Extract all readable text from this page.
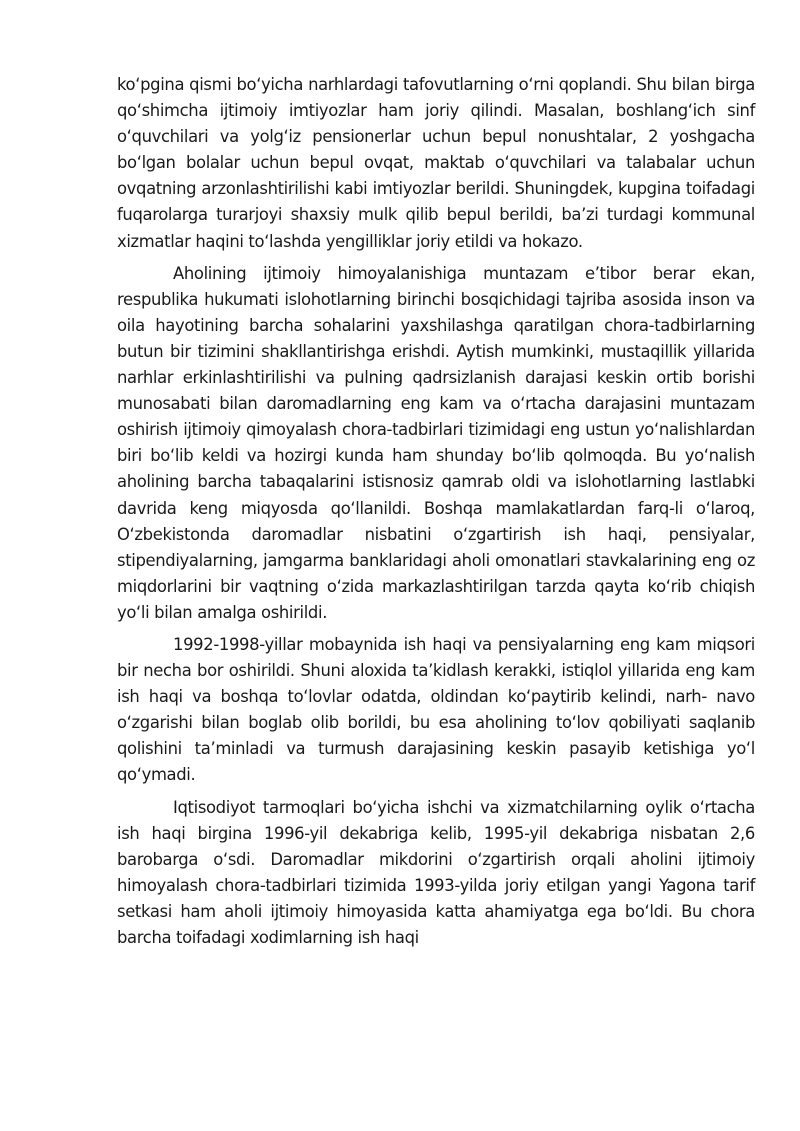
ko‘pgina qismi bo‘yicha narhlardagi tafovutlarning o‘rni qoplandi. Shu bilan birga qo‘shimcha ijtimoiy imtiyozlar ham joriy qilindi. Masalan, boshlang‘ich sinf o‘quvchilari va yolg‘iz pensionerlar uchun bepul nonushtalar, 2 yoshgacha bo‘lgan bolalar uchun bepul ovqat, maktab o‘quvchilari va talabalar uchun ovqatning arzonlashtirilishi kabi imtiyozlar berildi. Shuningdek, kupgina toifadagi fuqarolarga turarjoyi shaxsiy mulk qilib bepul berildi, ba’zi turdagi kommunal xizmatlar haqini to‘lashda yengilliklar joriy etildi va hokazo.

Aholining ijtimoiy himoyalanishiga muntazam e’tibor berar ekan, respublika hukumati islohotlarning birinchi bosqichidagi tajriba asosida inson va oila hayotining barcha sohalarini yaxshilashga qaratilgan chora-tadbirlarning butun bir tizimini shakllantirishga erishdi. Aytish mumkinki, mustaqillik yillarida narhlar erkinlashtirilishi va pulning qadrsizlanish darajasi keskin ortib borishi munosabati bilan daromadlarning eng kam va o‘rtacha darajasini muntazam oshirish ijtimoiy qimoyalash chora-tadbirlari tizimidagi eng ustun yo‘nalishlardan biri bo‘lib keldi va hozirgi kunda ham shunday bo‘lib qolmoqda. Bu yo‘nalish aholining barcha tabaqalarini istisnosiz qamrab oldi va islohotlarning lastlabki davrida keng miqyosda qo‘llanildi. Boshqa mamlakatlardan farq-li o‘laroq, O‘zbekistonda daromadlar nisbatini o‘zgartirish ish haqi, pensiyalar, stipendiyalarning, jamgarma banklaridagi aholi omonatlari stavkalarining eng oz miqdorlarini bir vaqtning o‘zida markazlashtirilgan tarzda qayta ko‘rib chiqish yo‘li bilan amalga oshirildi.

1992-1998-yillar mobaynida ish haqi va pensiyalarning eng kam miqsori bir necha bor oshirildi. Shuni aloxida ta’kidlash kerakki, istiqlol yillarida eng kam ish haqi va boshqa to‘lovlar odatda, oldindan ko‘paytirib kelindi, narh- navo o‘zgarishi bilan boglab olib borildi, bu esa aholining to‘lov qobiliyati saqlanib qolishini ta’minladi va turmush darajasining keskin pasayib ketishiga yo‘l qo‘ymadi.

Iqtisodiyot tarmoqlari bo‘yicha ishchi va xizmatchilarning oylik o‘rtacha ish haqi birgina 1996-yil dekabriga kelib, 1995-yil dekabriga nisbatan 2,6 barobarga o‘sdi. Daromadlar mikdorini o‘zgartirish orqali aholini ijtimoiy himoyalash chora-tadbirlari tizimida 1993-yilda joriy etilgan yangi Yagona tarif setkasi ham aholi ijtimoiy himoyasida katta ahamiyatga ega bo‘ldi. Bu chora barcha toifadagi xodimlarning ish haqi
